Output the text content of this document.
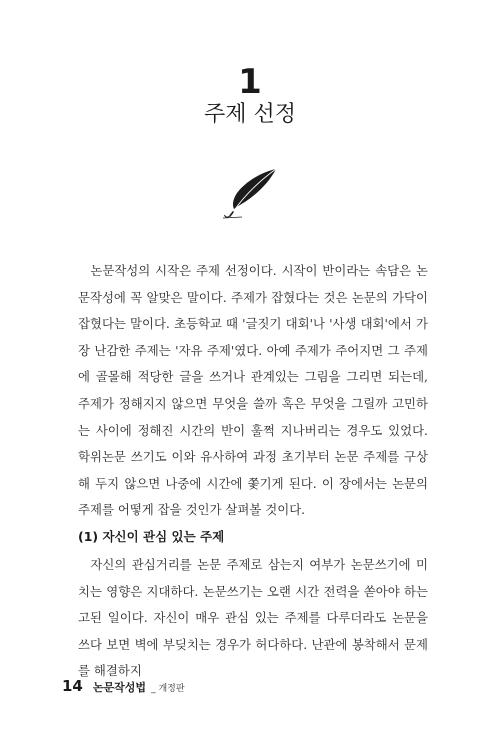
1
주제 선정

논문작성의 시작은 주제 선정이다. 시작이 반이라는 속담은 논문작성에 꼭 알맞은 말이다. 주제가 잡혔다는 것은 논문의 가닥이 잡혔다는 말이다. 초등학교 때 '글짓기 대회'나 '사생 대회'에서 가장 난감한 주제는 '자유 주제'였다. 아예 주제가 주어지면 그 주제에 골몰해 적당한 글을 쓰거나 관계있는 그림을 그리면 되는데, 주제가 정해지지 않으면 무엇을 쓸까 혹은 무엇을 그릴까 고민하는 사이에 정해진 시간의 반이 훌쩍 지나버리는 경우도 있었다. 학위논문 쓰기도 이와 유사하여 과정 초기부터 논문 주제를 구상해 두지 않으면 나중에 시간에 쫓기게 된다. 이 장에서는 논문의 주제를 어떻게 잡을 것인가 살펴볼 것이다.

(1) 자신이 관심 있는 주제

자신의 관심거리를 논문 주제로 삼는지 여부가 논문쓰기에 미치는 영향은 지대하다. 논문쓰기는 오랜 시간 전력을 쏟아야 하는 고된 일이다. 자신이 매우 관심 있는 주제를 다루더라도 논문을 쓰다 보면 벽에 부딪치는 경우가 허다하다. 난관에 봉착해서 문제를 해결하지

14 논문작성법 _ 개정판
